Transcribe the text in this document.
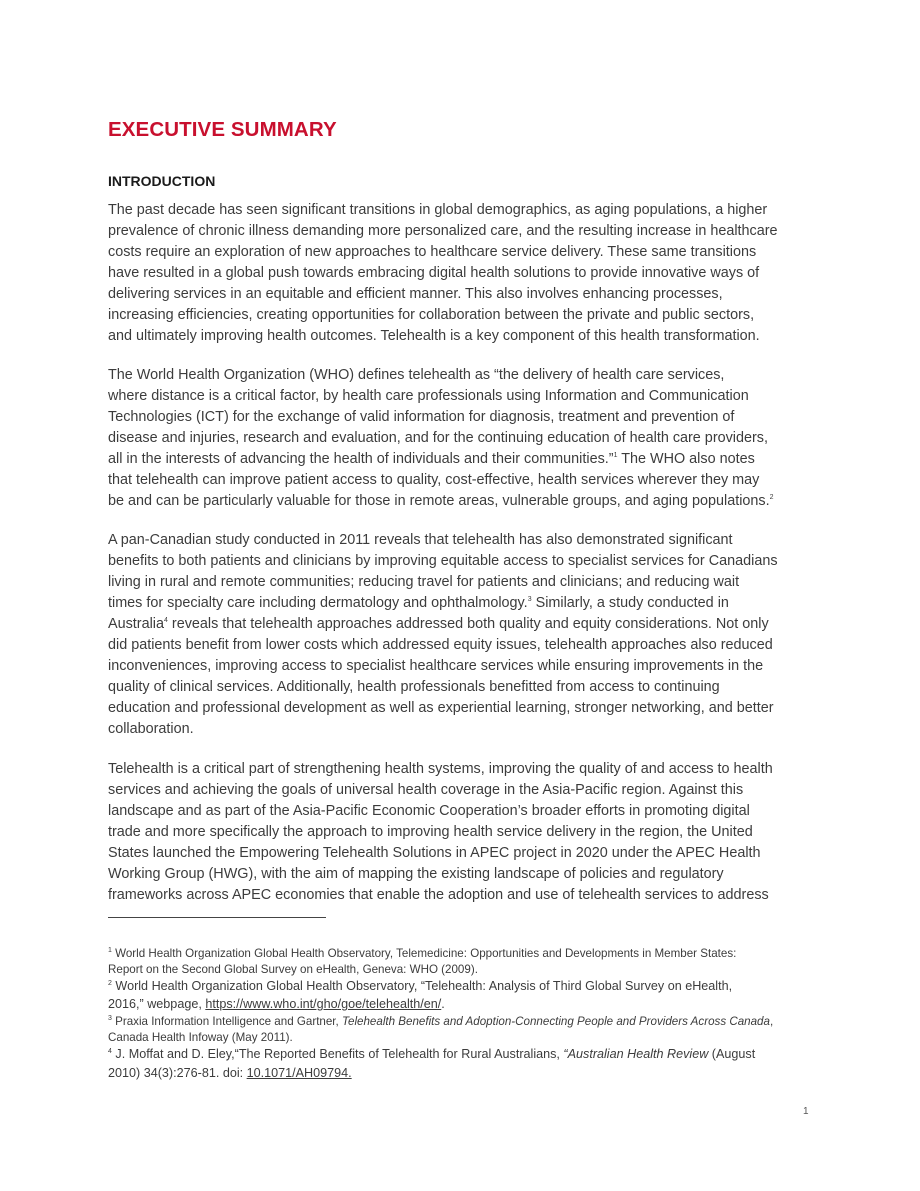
EXECUTIVE SUMMARY
INTRODUCTION
The past decade has seen significant transitions in global demographics, as aging populations, a higher
prevalence of chronic illness demanding more personalized care, and the resulting increase in healthcare
costs require an exploration of new approaches to healthcare service delivery. These same transitions
have resulted in a global push towards embracing digital health solutions to provide innovative ways of
delivering services in an equitable and efficient manner. This also involves enhancing processes,
increasing efficiencies, creating opportunities for collaboration between the private and public sectors,
and ultimately improving health outcomes. Telehealth is a key component of this health transformation.
The World Health Organization (WHO) defines telehealth as “the delivery of health care services,
where distance is a critical factor, by health care professionals using Information and Communication
Technologies (ICT) for the exchange of valid information for diagnosis, treatment and prevention of
disease and injuries, research and evaluation, and for the continuing education of health care providers,
all in the interests of advancing the health of individuals and their communities.”$^1$ The WHO also notes
that telehealth can improve patient access to quality, cost-effective, health services wherever they may
be and can be particularly valuable for those in remote areas, vulnerable groups, and aging populations.$^2$
A pan-Canadian study conducted in 2011 reveals that telehealth has also demonstrated significant
benefits to both patients and clinicians by improving equitable access to specialist services for Canadians
living in rural and remote communities; reducing travel for patients and clinicians; and reducing wait
times for specialty care including dermatology and ophthalmology.$^3$ Similarly, a study conducted in
Australia$^4$ reveals that telehealth approaches addressed both quality and equity considerations. Not only
did patients benefit from lower costs which addressed equity issues, telehealth approaches also reduced
inconveniences, improving access to specialist healthcare services while ensuring improvements in the
quality of clinical services. Additionally, health professionals benefitted from access to continuing
education and professional development as well as experiential learning, stronger networking, and better
collaboration.
Telehealth is a critical part of strengthening health systems, improving the quality of and access to health
services and achieving the goals of universal health coverage in the Asia-Pacific region. Against this
landscape and as part of the Asia-Pacific Economic Cooperation’s broader efforts in promoting digital
trade and more specifically the approach to improving health service delivery in the region, the United
States launched the Empowering Telehealth Solutions in APEC project in 2020 under the APEC Health
Working Group (HWG), with the aim of mapping the existing landscape of policies and regulatory
frameworks across APEC economies that enable the adoption and use of telehealth services to address
$^1$ World Health Organization Global Health Observatory, Telemedicine: Opportunities and Developments in Member States:
Report on the Second Global Survey on eHealth, Geneva: WHO (2009).
$^2$ World Health Organization Global Health Observatory, “Telehealth: Analysis of Third Global Survey on eHealth,
2016,” webpage, https://www.who.int/gho/goe/telehealth/en/.
$^3$ Praxia Information Intelligence and Gartner, Telehealth Benefits and Adoption-Connecting People and Providers Across Canada,
Canada Health Infoway (May 2011).
$^4$ J. Moffat and D. Eley,“The Reported Benefits of Telehealth for Rural Australians, “Australian Health Review (August
2010) 34(3):276-81. doi: 10.1071/AH09794.
1
